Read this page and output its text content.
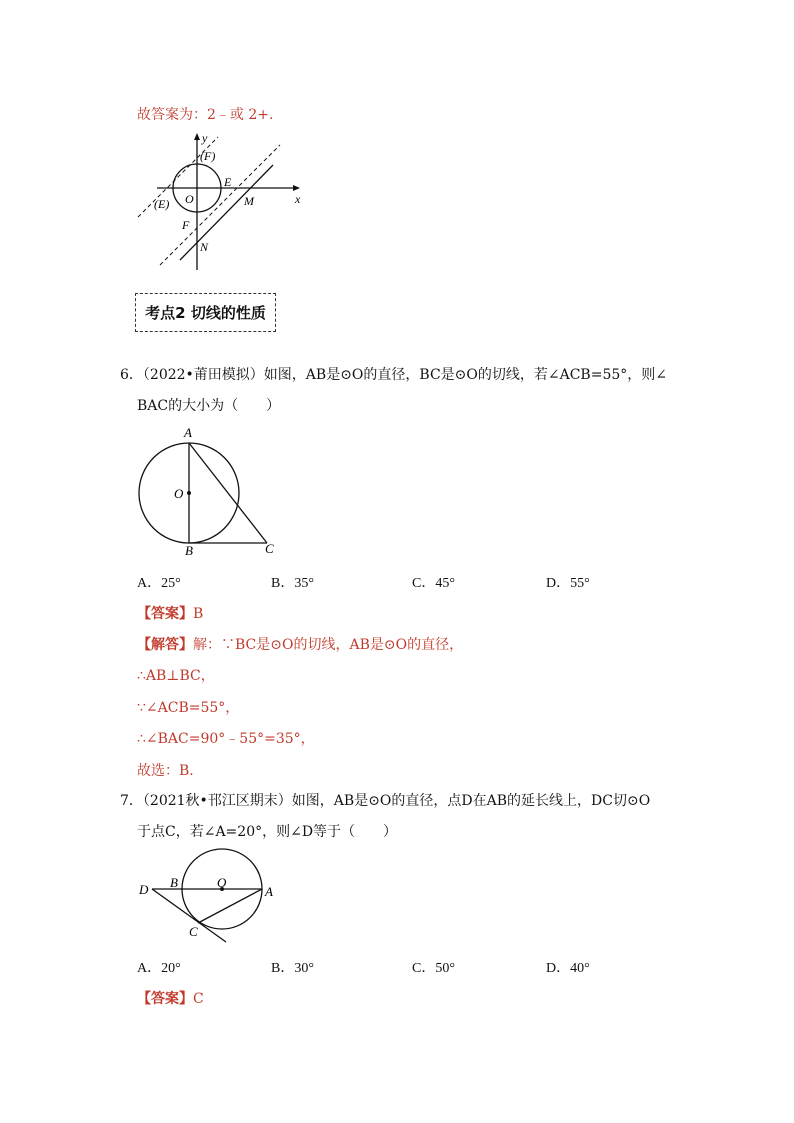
故答案为：2﹣或 2+.
y
(F)
E
O	x
(E)	M
F
N
考点2 切线的性质
6．（2022•莆田模拟）如图，AB是⊙O的直径，BC是⊙O的切线，若∠ACB=55°，则∠
BAC的大小为（　　）
A
O
B	C
A．25°	B．35°	C．45°	D．55°
【答案】B
【解答】解：∵BC是⊙O的切线，AB是⊙O的直径，
∴AB⊥BC，
∵∠ACB=55°，
∴∠BAC=90°﹣55°=35°，
故选：B.
7．（2021秋•邗江区期末）如图，AB是⊙O的直径，点D在AB的延长线上，DC切⊙O
于点C，若∠A=20°，则∠D等于（　　）
D B	O
A
C
A．20°	B．30°	C．50°	D．40°
【答案】C
